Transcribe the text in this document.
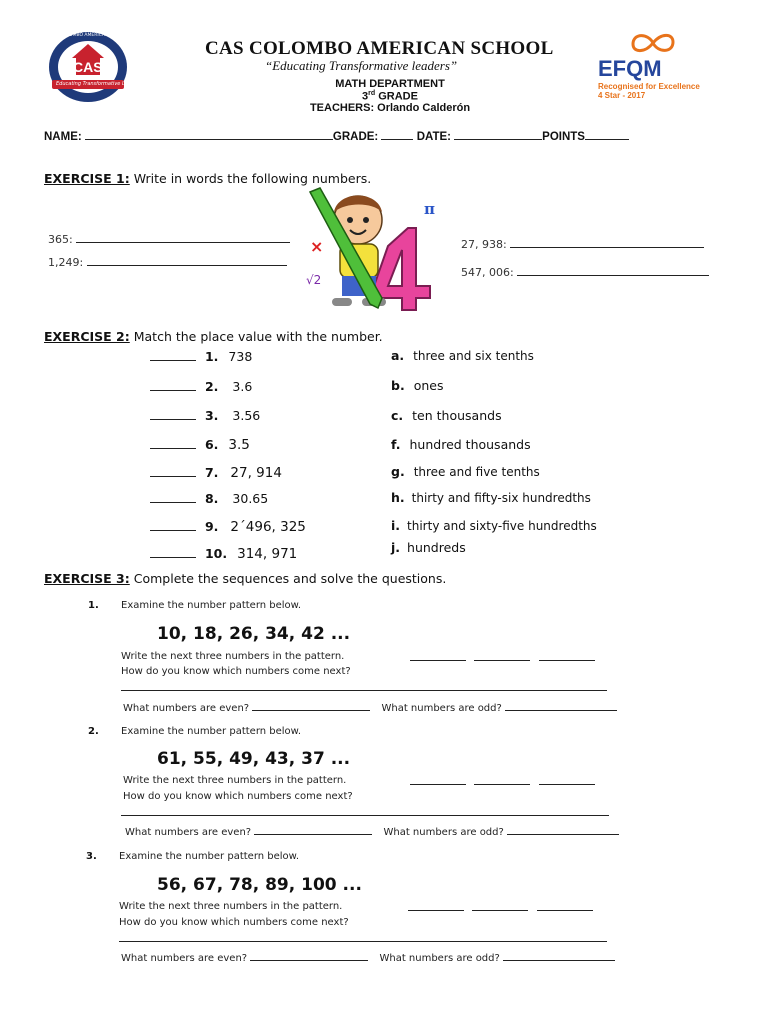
CAS
COLOMBO AMERICAN SCHOOL
Educating Transformative Leaders
CAS COLOMBO AMERICAN SCHOOL
“Educating Transformative leaders”
MATH DEPARTMENT
3rd GRADE
TEACHERS: Orlando Calderón
EFQM
Recognised for Excellence
4 Star - 2017
NAME:	GRADE:	DATE:	POINTS
EXERCISE 1: Write in words the following numbers.
365:
1,249:
27, 938:
547, 006:
×
π
√2
EXERCISE 2: Match the place value with the number.
1. 738
2. 3.6
3. 3.56
6. 3.5
7. 27, 914
8. 30.65
9. 2´496, 325
10. 314, 971
a. three and six tenths
b. ones
c. ten thousands
f. hundred thousands
g. three and five tenths
h. thirty and fifty-six hundredths
i. thirty and sixty-five hundredths
j. hundreds
EXERCISE 3: Complete the sequences and solve the questions.
1. Examine the number pattern below.
10, 18, 26, 34, 42 ...
Write the next three numbers in the pattern.
How do you know which numbers come next?
What numbers are even?	What numbers are odd?
2. Examine the number pattern below.
61, 55, 49, 43, 37 ...
Write the next three numbers in the pattern.
How do you know which numbers come next?
What numbers are even?	What numbers are odd?
3. Examine the number pattern below.
56, 67, 78, 89, 100 ...
Write the next three numbers in the pattern.
How do you know which numbers come next?
What numbers are even?	What numbers are odd?
